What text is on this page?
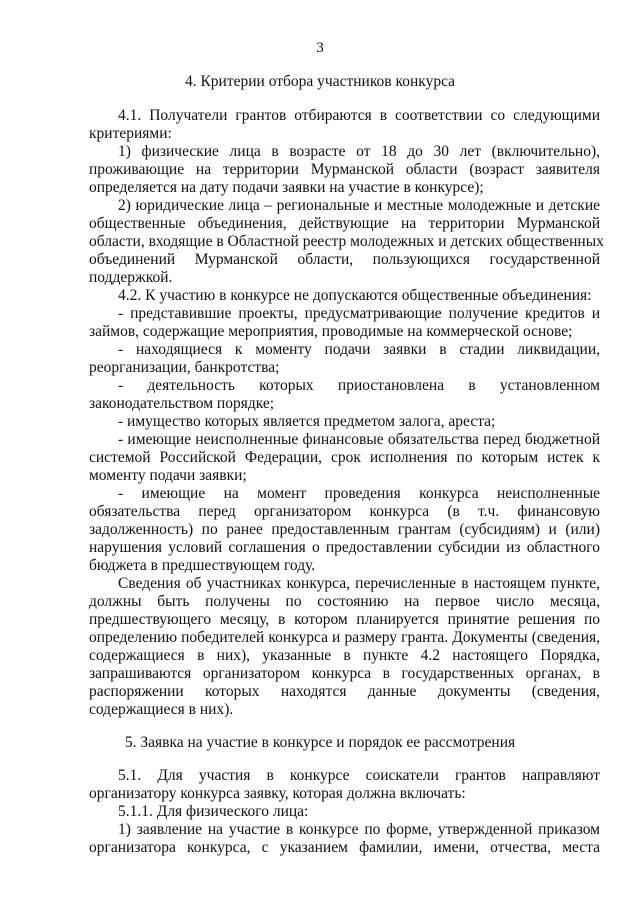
3
4. Критерии отбора участников конкурса
4.1. Получатели грантов отбираются в соответствии со следующими
критериями:
1) физические лица в возрасте от 18 до 30 лет (включительно),
проживающие на территории Мурманской области (возраст заявителя
определяется на дату подачи заявки на участие в конкурсе);
2) юридические лица – региональные и местные молодежные и детские
общественные объединения, действующие на территории Мурманской
области, входящие в Областной реестр молодежных и детских общественных
объединений Мурманской области, пользующихся государственной
поддержкой.
4.2. К участию в конкурсе не допускаются общественные объединения:
- представившие проекты, предусматривающие получение кредитов и
займов, содержащие мероприятия, проводимые на коммерческой основе;
- находящиеся к моменту подачи заявки в стадии ликвидации,
реорганизации, банкротства;
- деятельность которых приостановлена в установленном
законодательством порядке;
- имущество которых является предметом залога, ареста;
- имеющие неисполненные финансовые обязательства перед бюджетной
системой Российской Федерации, срок исполнения по которым истек к
моменту подачи заявки;
- имеющие на момент проведения конкурса неисполненные
обязательства перед организатором конкурса (в т.ч. финансовую
задолженность) по ранее предоставленным грантам (субсидиям) и (или)
нарушения условий соглашения о предоставлении субсидии из областного
бюджета в предшествующем году.
Сведения об участниках конкурса, перечисленные в настоящем пункте,
должны быть получены по состоянию на первое число месяца,
предшествующего месяцу, в котором планируется принятие решения по
определению победителей конкурса и размеру гранта. Документы (сведения,
содержащиеся в них), указанные в пункте 4.2 настоящего Порядка,
запрашиваются организатором конкурса в государственных органах, в
распоряжении которых находятся данные документы (сведения,
содержащиеся в них).
5. Заявка на участие в конкурсе и порядок ее рассмотрения
5.1. Для участия в конкурсе соискатели грантов направляют
организатору конкурса заявку, которая должна включать:
5.1.1. Для физического лица:
1) заявление на участие в конкурсе по форме, утвержденной приказом
организатора конкурса, с указанием фамилии, имени, отчества, места
